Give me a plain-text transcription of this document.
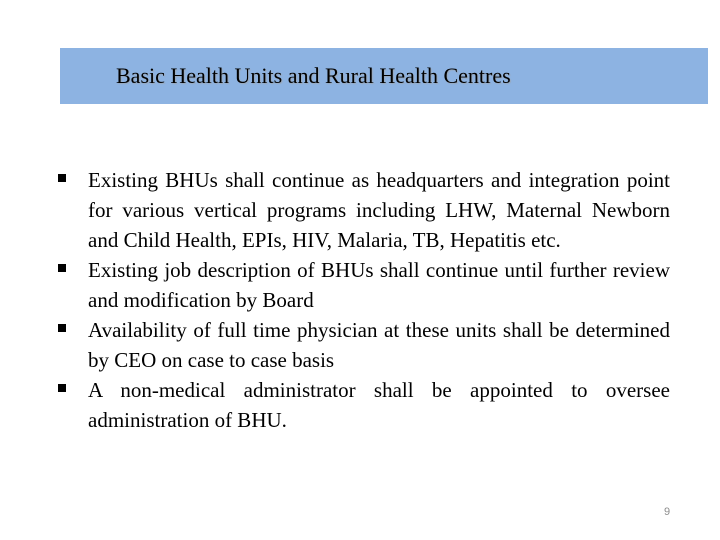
Basic Health Units and Rural Health Centres
Existing BHUs shall continue as headquarters and integration point for various vertical programs including LHW, Maternal Newborn and Child Health, EPIs, HIV, Malaria, TB, Hepatitis etc.
Existing job description of BHUs shall continue until further review and modification by Board
Availability of full time physician at these units shall be determined by CEO on case to case basis
A non-medical administrator shall be appointed to oversee administration of BHU.
9
